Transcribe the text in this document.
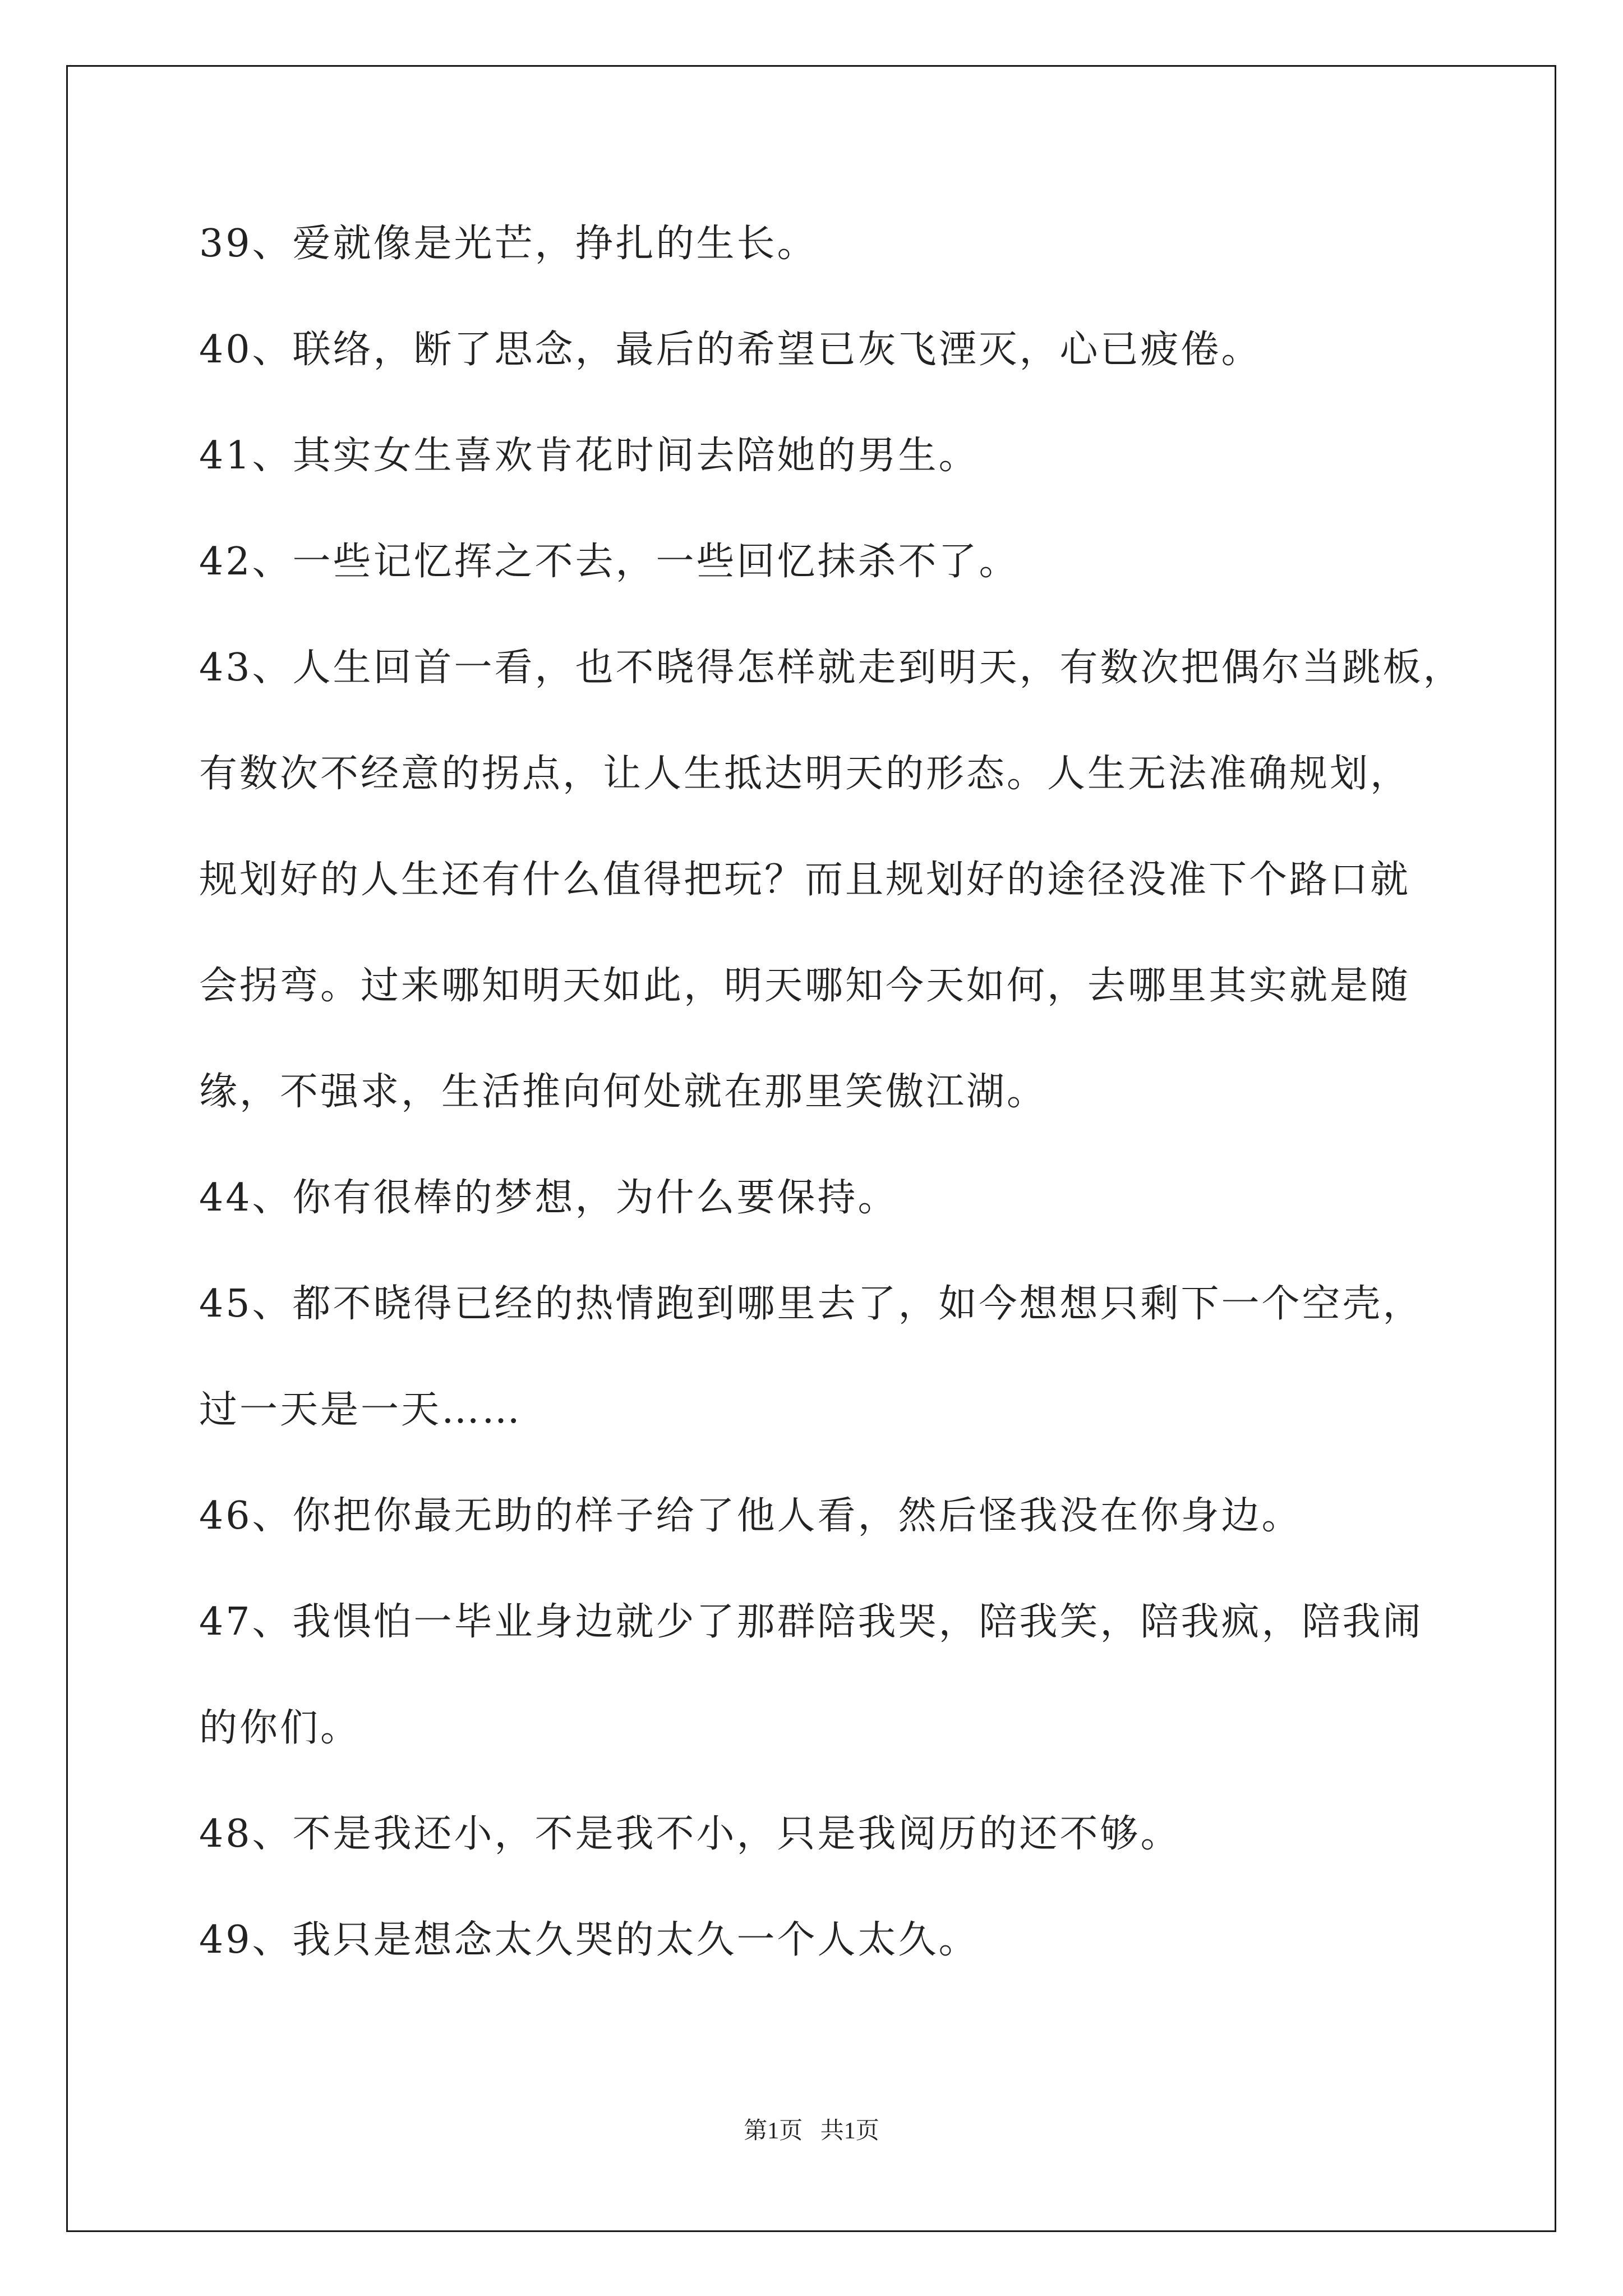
39、爱就像是光芒，挣扎的生长。
40、联络，断了思念，最后的希望已灰飞湮灭，心已疲倦。
41、其实女生喜欢肯花时间去陪她的男生。
42、一些记忆挥之不去，一些回忆抹杀不了。
43、人生回首一看，也不晓得怎样就走到明天，有数次把偶尔当跳板，
有数次不经意的拐点，让人生抵达明天的形态。人生无法准确规划，
规划好的人生还有什么值得把玩？而且规划好的途径没准下个路口就
会拐弯。过来哪知明天如此，明天哪知今天如何，去哪里其实就是随
缘，不强求，生活推向何处就在那里笑傲江湖。
44、你有很棒的梦想，为什么要保持。
45、都不晓得已经的热情跑到哪里去了，如今想想只剩下一个空壳，
过一天是一天……
46、你把你最无助的样子给了他人看，然后怪我没在你身边。
47、我惧怕一毕业身边就少了那群陪我哭，陪我笑，陪我疯，陪我闹
的你们。
48、不是我还小，不是我不小，只是我阅历的还不够。
49、我只是想念太久哭的太久一个人太久。
第1页   共1页
